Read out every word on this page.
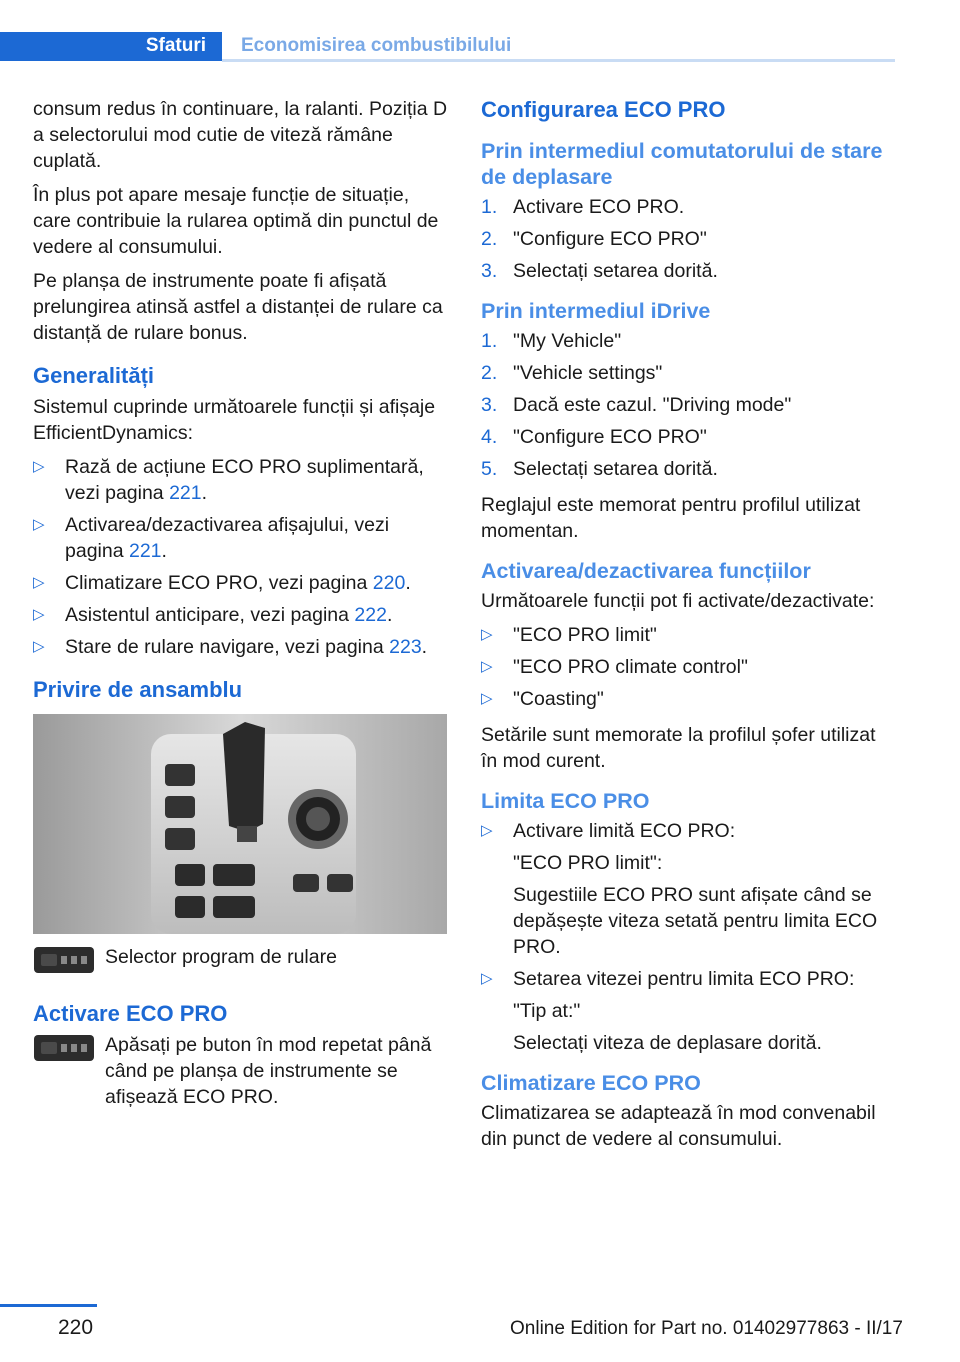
Sfaturi Economisirea combustibilului

consum redus în continuare, la ralanti. Poziția D a selectorului mod cutie de viteză rămâne cuplată.

În plus pot apare mesaje funcție de situație, care contribuie la rularea optimă din punctul de vedere al consumului.

Pe planșa de instrumente poate fi afișată prelungirea atinsă astfel a distanței de rulare ca distanță de rulare bonus.

Generalități

Sistemul cuprinde următoarele funcții și afișaje EfficientDynamics:

▷ Rază de acțiune ECO PRO suplimentară, vezi pagina 221.
▷ Activarea/dezactivarea afișajului, vezi pagina 221.
▷ Climatizare ECO PRO, vezi pagina 220.
▷ Asistentul anticipare, vezi pagina 222.
▷ Stare de rulare navigare, vezi pagina 223.
Privire de ansamblu
Selector program de rulare
Activare ECO PRO
Apăsați pe buton în mod repetat până când pe planșa de instrumente se afișează ECO PRO.
Configurarea ECO PRO
Prin intermediul comutatorului de stare de deplasare
1. Activare ECO PRO.
2. "Configure ECO PRO"
3. Selectați setarea dorită.
Prin intermediul iDrive
1. "My Vehicle"
2. "Vehicle settings"
3. Dacă este cazul. "Driving mode"
4. "Configure ECO PRO"
5. Selectați setarea dorită.

Reglajul este memorat pentru profilul utilizat momentan.

Activarea/dezactivarea funcțiilor

Următoarele funcții pot fi activate/dezactivate:

▷ "ECO PRO limit"
▷ "ECO PRO climate control"
▷ "Coasting"

Setările sunt memorate la profilul șofer utilizat în mod curent.

Limita ECO PRO
▷ Activare limită ECO PRO:
"ECO PRO limit":
Sugestiile ECO PRO sunt afișate când se depășește viteza setată pentru limita ECO PRO.
▷ Setarea vitezei pentru limita ECO PRO:
"Tip at:"
Selectați viteza de deplasare dorită.
Climatizare ECO PRO

Climatizarea se adaptează în mod convenabil din punct de vedere al consumului.

220	Online Edition for Part no. 01402977863 - II/17
